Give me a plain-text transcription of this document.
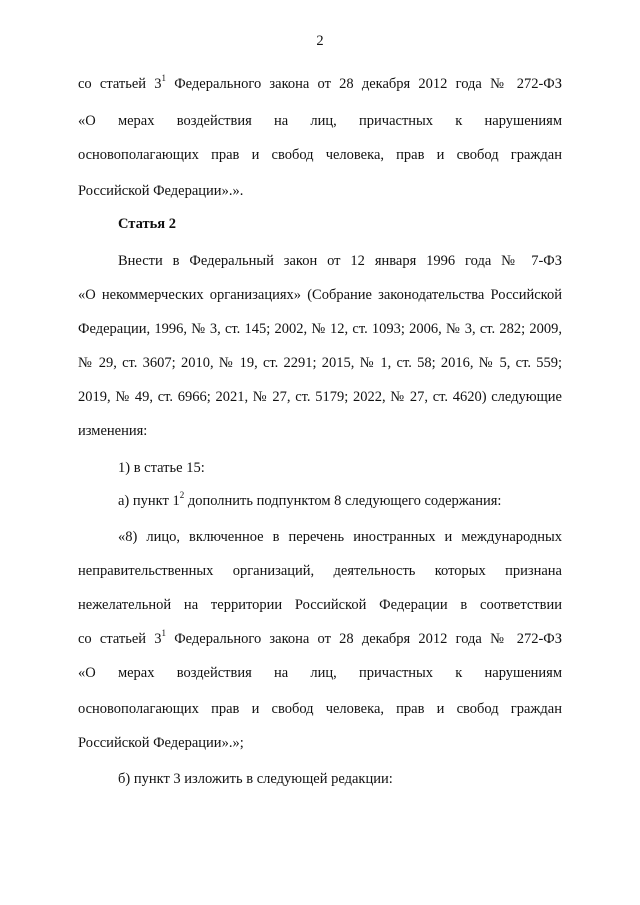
2
со статьей $3^1$ Федерального закона от 28 декабря 2012 года № 272-ФЗ
«О мерах воздействия на лиц, причастных к нарушениям
основополагающих прав и свобод человека, прав и свобод граждан
Российской Федерации».».
Статья 2
Внести в Федеральный закон от 12 января 1996 года № 7-ФЗ
«О некоммерческих организациях» (Собрание законодательства Российской
Федерации, 1996, № 3, ст. 145; 2002, № 12, ст. 1093; 2006, № 3, ст. 282; 2009,
№ 29, ст. 3607; 2010, № 19, ст. 2291; 2015, № 1, ст. 58; 2016, № 5, ст. 559;
2019, № 49, ст. 6966; 2021, № 27, ст. 5179; 2022, № 27, ст. 4620) следующие
изменения:
1) в статье 15:
а) пункт $1^2$ дополнить подпунктом 8 следующего содержания:
«8) лицо, включенное в перечень иностранных и международных
неправительственных организаций, деятельность которых признана
нежелательной на территории Российской Федерации в соответствии
со статьей $3^1$ Федерального закона от 28 декабря 2012 года № 272-ФЗ
«О мерах воздействия на лиц, причастных к нарушениям
основополагающих прав и свобод человека, прав и свобод граждан
Российской Федерации».»;
б) пункт 3 изложить в следующей редакции:
